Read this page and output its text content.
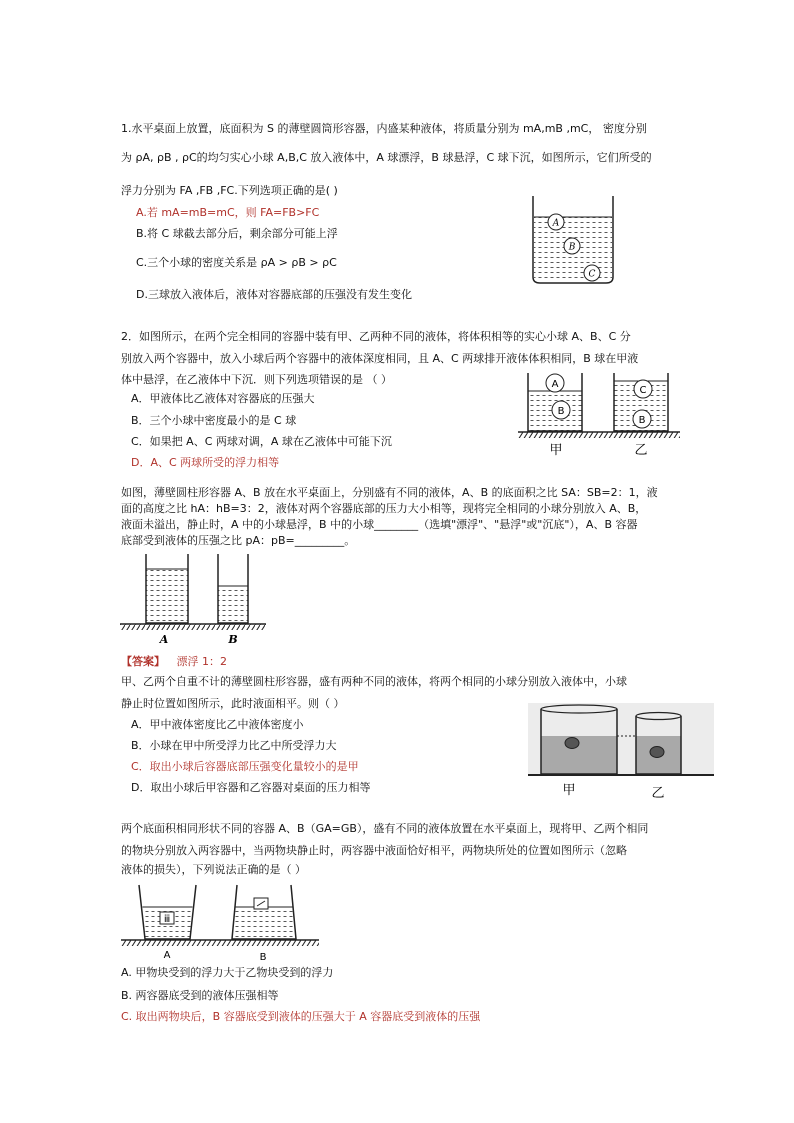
1.水平桌面上放置，底面积为 S 的薄壁圆筒形容器，内盛某种液体，将质量分别为 mA,mB ,mC， 密度分别
为 ρA, ρB , ρC的均匀实心小球 A,B,C 放入液体中，A 球漂浮，B 球悬浮，C 球下沉，如图所示，它们所受的
浮力分别为 FA ,FB ,FC.下列选项正确的是( )
A.若 mA=mB=mC，则 FA=FB>FC
B.将 C 球截去部分后，剩余部分可能上浮
C.三个小球的密度关系是 ρA > ρB > ρC
D.三球放入液体后，液体对容器底部的压强没有发生变化
A
B
C
2．如图所示，在两个完全相同的容器中装有甲、乙两种不同的液体，将体积相等的实心小球 A、B、C 分
别放入两个容器中，放入小球后两个容器中的液体深度相同，且 A、C 两球排开液体体积相同，B 球在甲液
体中悬浮，在乙液体中下沉．则下列选项错误的是 （ ）
A．甲液体比乙液体对容器底的压强大
B．三个小球中密度最小的是 C 球
C．如果把 A、C 两球对调，A 球在乙液体中可能下沉
D．A、C 两球所受的浮力相等
A
B
C
B
甲	乙
如图，薄壁圆柱形容器 A、B 放在水平桌面上，分别盛有不同的液体，A、B 的底面积之比 SA：SB=2：1，液
面的高度之比 hA：hB=3：2，液体对两个容器底部的压力大小相等，现将完全相同的小球分别放入 A、B，
液面未溢出，静止时，A 中的小球悬浮，B 中的小球________（选填"漂浮"、"悬浮"或"沉底"），A、B 容器
底部受到液体的压强之比 pA：pB=_________。
A	B
【答案】 漂浮 1：2
甲、乙两个自重不计的薄壁圆柱形容器，盛有两种不同的液体，将两个相同的小球分别放入液体中，小球
静止时位置如图所示，此时液面相平。则（ ）
A．甲中液体密度比乙中液体密度小
B．小球在甲中所受浮力比乙中所受浮力大
C．取出小球后容器底部压强变化量较小的是甲
D．取出小球后甲容器和乙容器对桌面的压力相等	甲	乙
两个底面积相同形状不同的容器 A、B（GA=GB），盛有不同的液体放置在水平桌面上，现将甲、乙两个相同
的物块分别放入两容器中，当两物块静止时，两容器中液面恰好相平，两物块所处的位置如图所示（忽略
液体的损失），下列说法正确的是（ ）
ⅲ
A	B
A. 甲物块受到的浮力大于乙物块受到的浮力
B. 两容器底受到的液体压强相等
C. 取出两物块后，B 容器底受到液体的压强大于 A 容器底受到液体的压强
